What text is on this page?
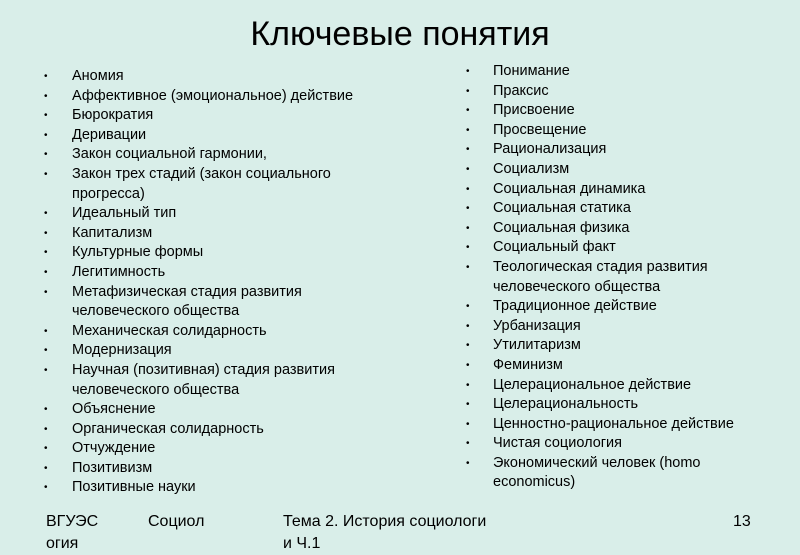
Ключевые понятия
• Аномия
• Аффективное (эмоциональное) действие
• Бюрократия
• Деривации
• Закон социальной гармонии,
• Закон трех стадий (закон социального
прогресса)
• Идеальный тип
• Капитализм
• Культурные формы
• Легитимность
• Метафизическая стадия развития
человеческого общества
• Механическая солидарность
• Модернизация
• Научная (позитивная) стадия развития
человеческого общества
• Объяснение
• Органическая солидарность
• Отчуждение
• Позитивизм
• Позитивные науки
• Понимание
• Праксис
• Присвоение
• Просвещение
• Рационализация
• Социализм
• Социальная динамика
• Социальная статика
• Социальная физика
• Социальный факт
• Теологическая стадия развития
человеческого общества
• Традиционное действие
• Урбанизация
• Утилитаризм
• Феминизм
• Целерациональное действие
• Целерациональность
• Ценностно-рациональное действие
• Чистая социология
• Экономический человек (homo
economicus)
ВГУЭС
огия
Социол	Тема 2. История социологи
и Ч.1
13
